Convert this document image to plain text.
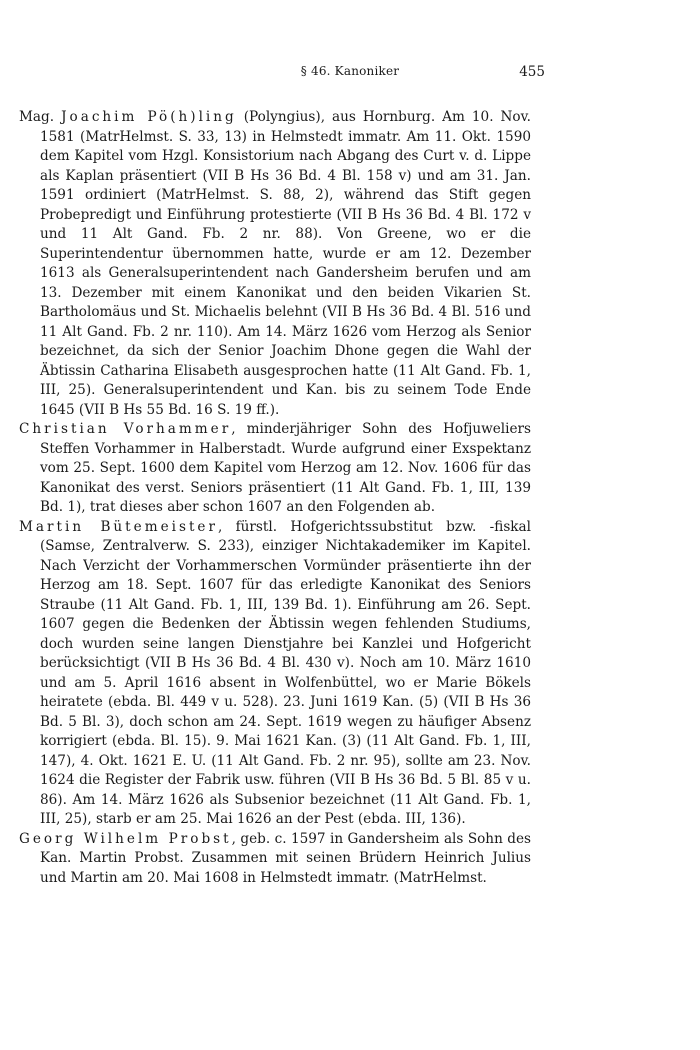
§ 46. Kanoniker	455

Mag. Joachim Pö(h)ling (Polyngius), aus Hornburg. Am 10. Nov. 1581 (MatrHelmst. S. 33, 13) in Helmstedt immatr. Am 11. Okt. 1590 dem Kapitel vom Hzgl. Konsistorium nach Abgang des Curt v. d. Lippe als Kaplan präsentiert (VII B Hs 36 Bd. 4 Bl. 158 v) und am 31. Jan. 1591 ordiniert (MatrHelmst. S. 88, 2), während das Stift gegen Probepredigt und Einführung protestierte (VII B Hs 36 Bd. 4 Bl. 172 v und 11 Alt Gand. Fb. 2 nr. 88). Von Greene, wo er die Superintendentur übernommen hatte, wurde er am 12. Dezember 1613 als Generalsuperintendent nach Gandersheim berufen und am 13. Dezember mit einem Kanonikat und den beiden Vikarien St. Bartholomäus und St. Michaelis belehnt (VII B Hs 36 Bd. 4 Bl. 516 und 11 Alt Gand. Fb. 2 nr. 110). Am 14. März 1626 vom Herzog als Senior bezeichnet, da sich der Senior Joachim Dhone gegen die Wahl der Äbtissin Catharina Elisabeth ausgesprochen hatte (11 Alt Gand. Fb. 1, III, 25). Generalsuperintendent und Kan. bis zu seinem Tode Ende 1645 (VII B Hs 55 Bd. 16 S. 19 ff.).

Christian Vorhammer, minderjähriger Sohn des Hofjuweliers Steffen Vorhammer in Halberstadt. Wurde aufgrund einer Exspektanz vom 25. Sept. 1600 dem Kapitel vom Herzog am 12. Nov. 1606 für das Kanonikat des verst. Seniors präsentiert (11 Alt Gand. Fb. 1, III, 139 Bd. 1), trat dieses aber schon 1607 an den Folgenden ab.

Martin Bütemeister, fürstl. Hofgerichtssubstitut bzw. -fiskal (Samse, Zentralverw. S. 233), einziger Nichtakademiker im Kapitel. Nach Verzicht der Vorhammerschen Vormünder präsentierte ihn der Herzog am 18. Sept. 1607 für das erledigte Kanonikat des Seniors Straube (11 Alt Gand. Fb. 1, III, 139 Bd. 1). Einführung am 26. Sept. 1607 gegen die Bedenken der Äbtissin wegen fehlenden Studiums, doch wurden seine langen Dienstjahre bei Kanzlei und Hofgericht berücksichtigt (VII B Hs 36 Bd. 4 Bl. 430 v). Noch am 10. März 1610 und am 5. April 1616 absent in Wolfenbüttel, wo er Marie Bökels heiratete (ebda. Bl. 449 v u. 528). 23. Juni 1619 Kan. (5) (VII B Hs 36 Bd. 5 Bl. 3), doch schon am 24. Sept. 1619 wegen zu häufiger Absenz korrigiert (ebda. Bl. 15). 9. Mai 1621 Kan. (3) (11 Alt Gand. Fb. 1, III, 147), 4. Okt. 1621 E. U. (11 Alt Gand. Fb. 2 nr. 95), sollte am 23. Nov. 1624 die Register der Fabrik usw. führen (VII B Hs 36 Bd. 5 Bl. 85 v u. 86). Am 14. März 1626 als Subsenior bezeichnet (11 Alt Gand. Fb. 1, III, 25), starb er am 25. Mai 1626 an der Pest (ebda. III, 136).

Georg Wilhelm Probst, geb. c. 1597 in Gandersheim als Sohn des Kan. Martin Probst. Zusammen mit seinen Brüdern Heinrich Julius und Martin am 20. Mai 1608 in Helmstedt immatr. (MatrHelmst.
